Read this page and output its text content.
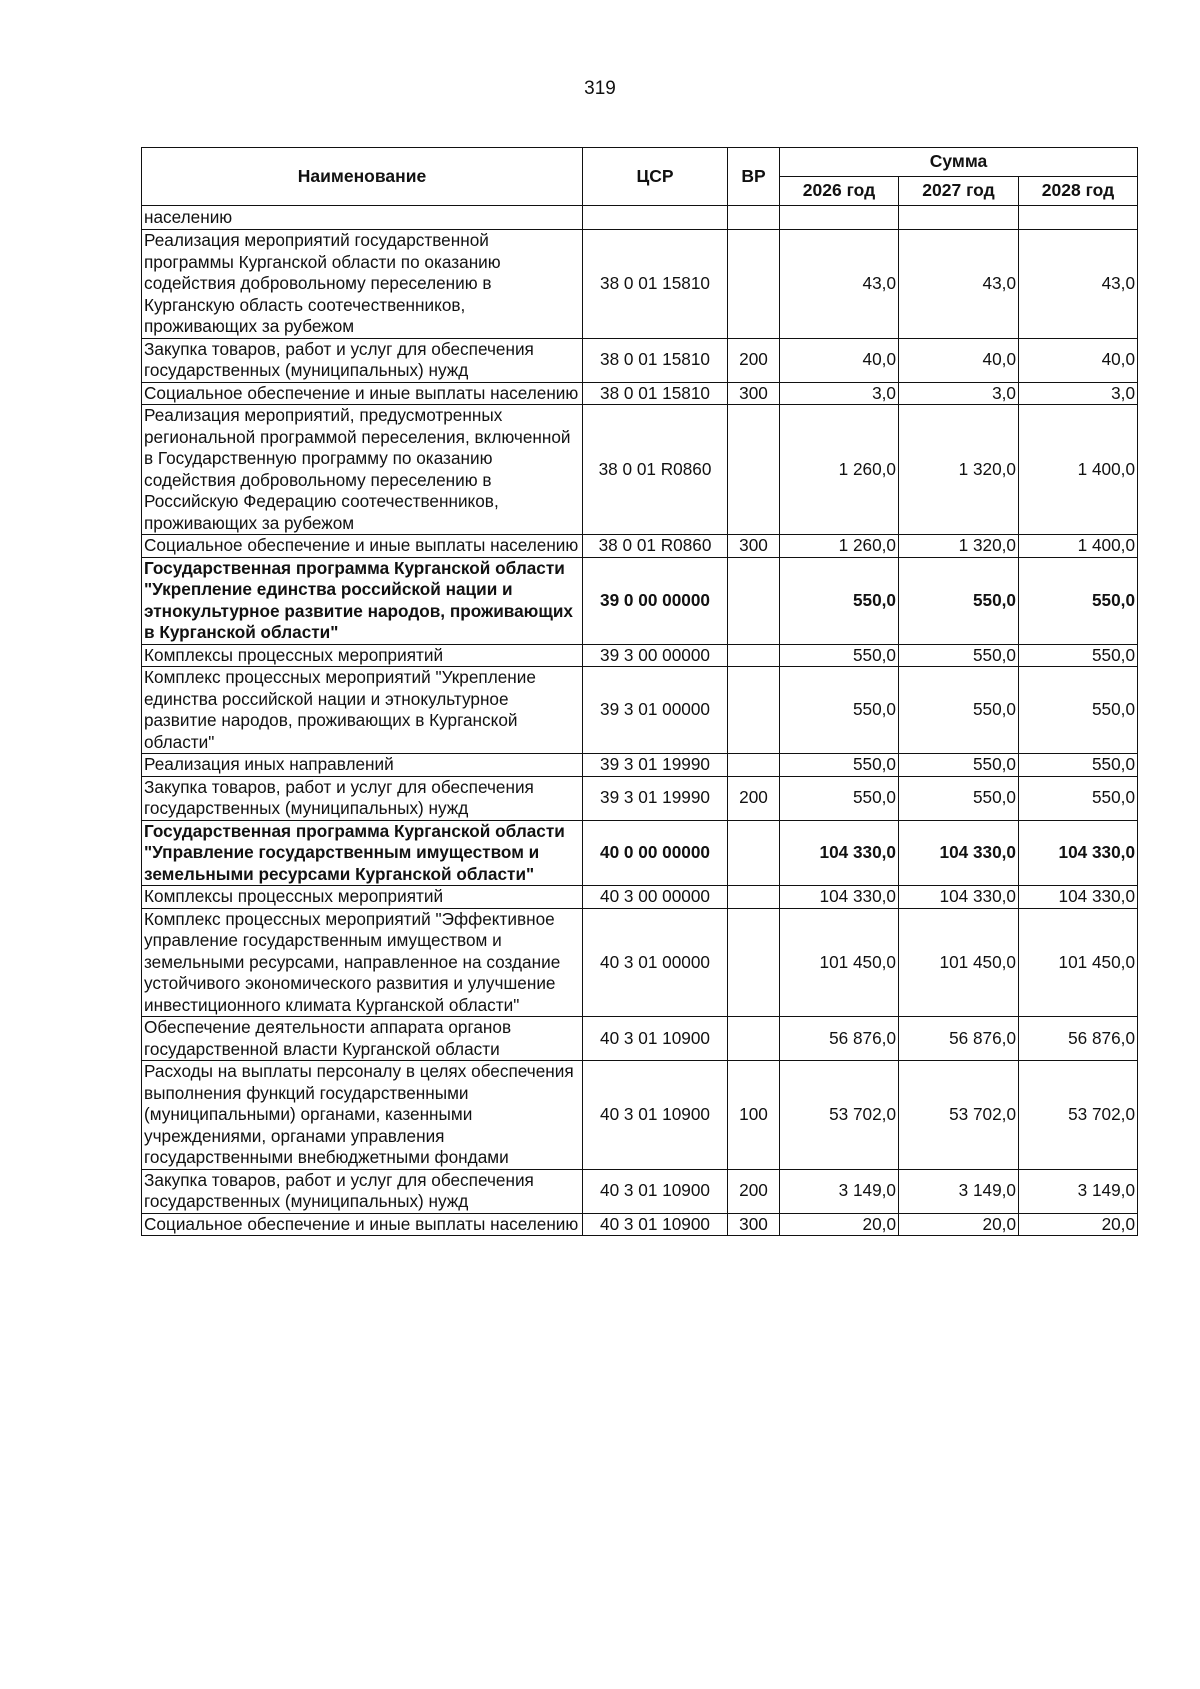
319
Наименование	ЦСР	ВР	Сумма		
			2026 год	2027 год	2028 год
населению					
Реализация мероприятий государственной программы Курганской области по оказанию содействия добровольному переселению в Курганскую область соотечественников, проживающих за рубежом	38 0 01 15810		43,0	43,0	43,0
Закупка товаров, работ и услуг для обеспечения государственных (муниципальных) нужд	38 0 01 15810	200	40,0	40,0	40,0
Социальное обеспечение и иные выплаты населению	38 0 01 15810	300	3,0	3,0	3,0
Реализация мероприятий, предусмотренных региональной программой переселения, включенной в Государственную программу по оказанию содействия добровольному переселению в Российскую Федерацию соотечественников, проживающих за рубежом	38 0 01 R0860		1 260,0	1 320,0	1 400,0
Социальное обеспечение и иные выплаты населению	38 0 01 R0860	300	1 260,0	1 320,0	1 400,0
Государственная программа Курганской области "Укрепление единства российской нации и этнокультурное развитие народов, проживающих в Курганской области"	39 0 00 00000		550,0	550,0	550,0
Комплексы процессных мероприятий	39 3 00 00000		550,0	550,0	550,0
Комплекс процессных мероприятий "Укрепление единства российской нации и этнокультурное развитие народов, проживающих в Курганской области"	39 3 01 00000		550,0	550,0	550,0
Реализация иных направлений	39 3 01 19990		550,0	550,0	550,0
Закупка товаров, работ и услуг для обеспечения государственных (муниципальных) нужд	39 3 01 19990	200	550,0	550,0	550,0
Государственная программа Курганской области "Управление государственным имуществом и земельными ресурсами Курганской области"	40 0 00 00000		104 330,0	104 330,0	104 330,0
Комплексы процессных мероприятий	40 3 00 00000		104 330,0	104 330,0	104 330,0
Комплекс процессных мероприятий "Эффективное управление государственным имуществом и земельными ресурсами, направленное на создание устойчивого экономического развития и улучшение инвестиционного климата Курганской области"	40 3 01 00000		101 450,0	101 450,0	101 450,0
Обеспечение деятельности аппарата органов государственной власти Курганской области	40 3 01 10900		56 876,0	56 876,0	56 876,0
Расходы на выплаты персоналу в целях обеспечения выполнения функций государственными (муниципальными) органами, казенными учреждениями, органами управления государственными внебюджетными фондами	40 3 01 10900	100	53 702,0	53 702,0	53 702,0
Закупка товаров, работ и услуг для обеспечения государственных (муниципальных) нужд	40 3 01 10900	200	3 149,0	3 149,0	3 149,0
Социальное обеспечение и иные выплаты населению	40 3 01 10900	300	20,0	20,0	20,0
